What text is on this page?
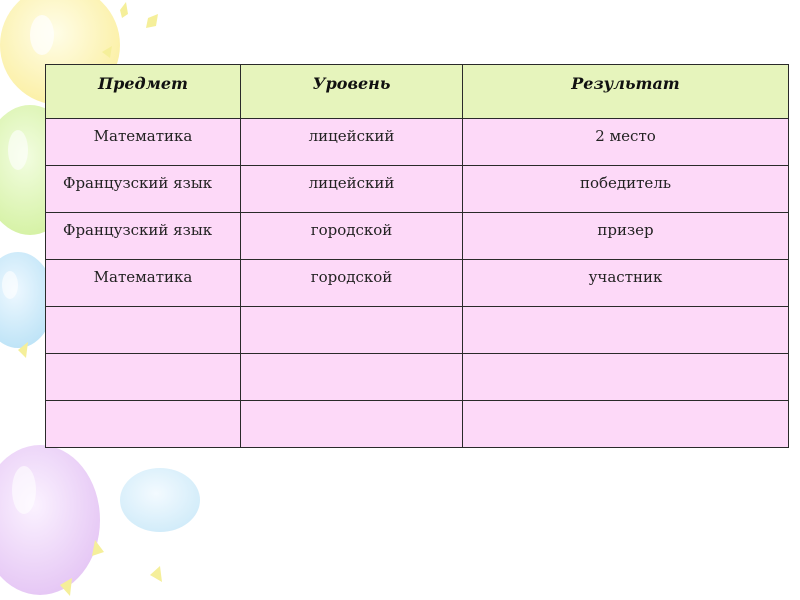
Предмет	Уровень	Результат
Математика	лицейский	2 место
Французский язык	лицейский	победитель
Французский язык	городской	призер
Математика	городской	участник
